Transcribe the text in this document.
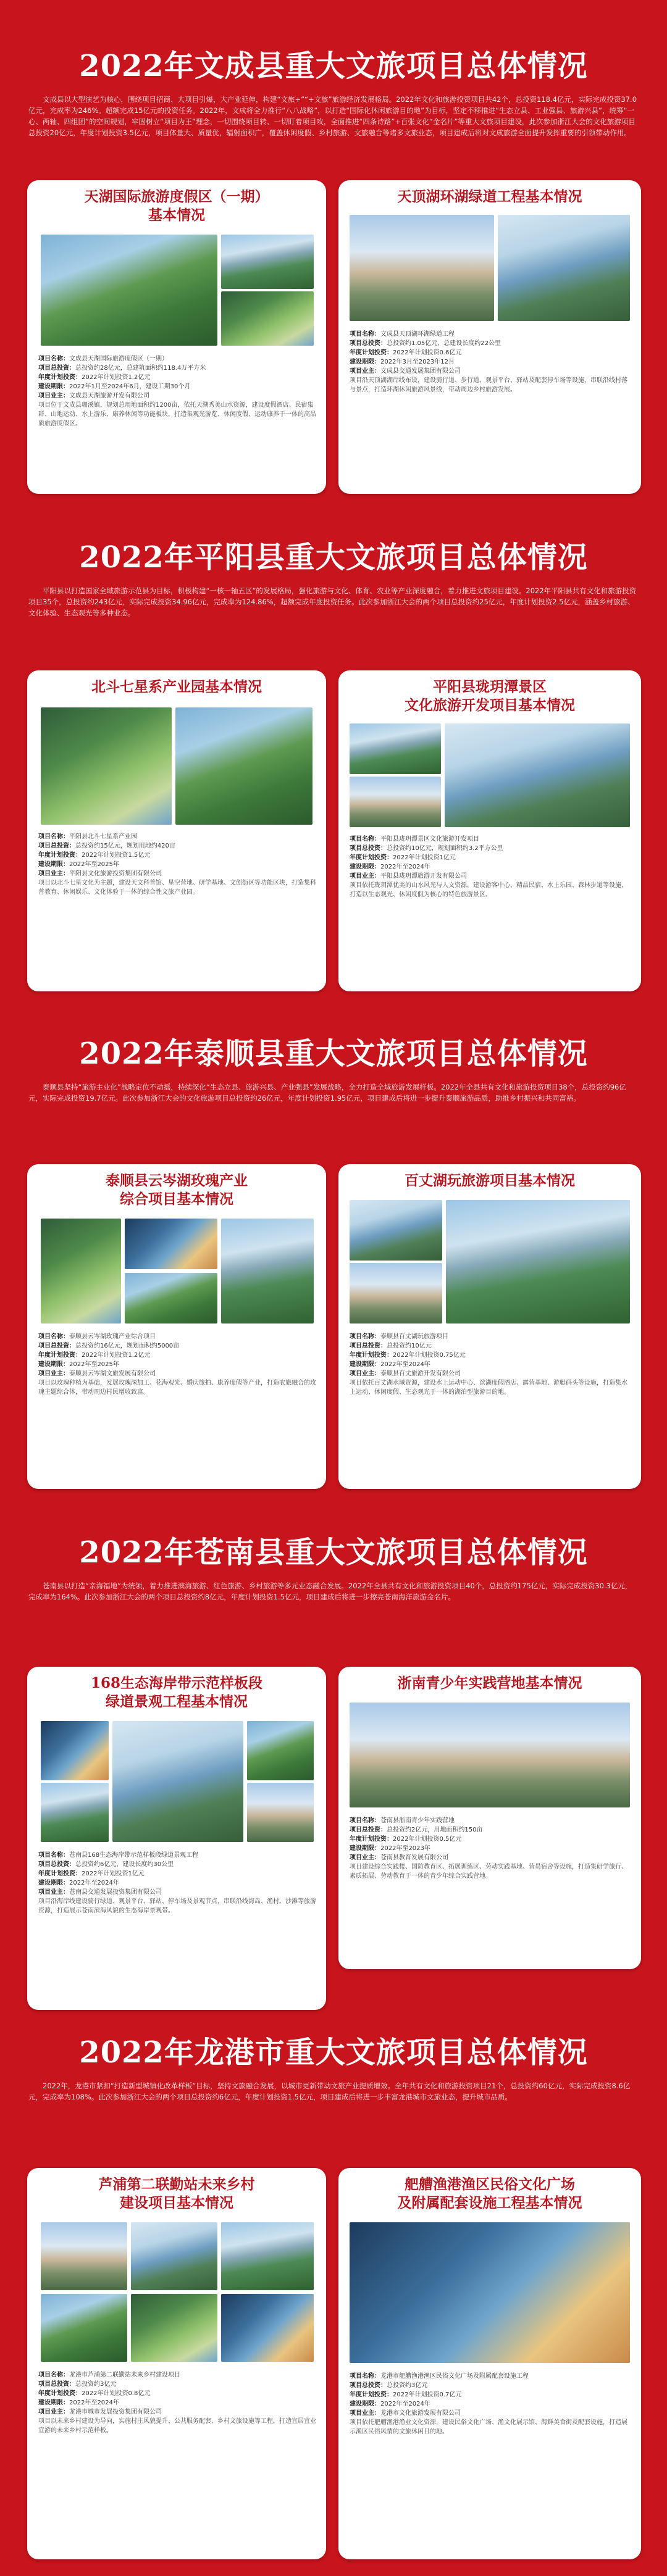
2022年文成县重大文旅项目总体情况
文成县以大型演艺为核心，围绕项目招商、大项目引爆，大产业延伸，构建“文旅+”“+文旅”旅游经济发展格局。2022年文化和旅游投资项目共42个，总投资118.4亿元，实际完成投资37.0亿元，完成率为246%。超额完成15亿元的投资任务。2022年，文成将全力推行“八八战略”，以打造“国际化休闲旅游目的地”为目标，坚定不移推进“生态立县、工业强县、旅游兴县”，统筹“一心、两轴、四组团”的空间规划，牢固树立“项目为王”理念，一切围绕项目转、一切盯着项目攻，全面推进“四条诗路”+百张文化“金名片”等重大文旅项目建设，此次参加浙江大会的文化旅游项目总投资20亿元，年度计划投资3.5亿元，项目体量大、质量优，辐射面积广，覆盖休闲度假、乡村旅游、文旅融合等诸多文旅业态，项目建成后将对文成旅游全面提升发挥重要的引领带动作用。
天湖国际旅游度假区（一期）
基本情况
项目名称：文成县天湖国际旅游度假区（一期）
项目总投资：总投资约28亿元，总建筑面积约118.4万平方米
年度计划投资：2022年计划投资1.2亿元
建设期限：2022年1月至2024年6月，建设工期30个月
项目业主：文成县天湖旅游开发有限公司
项目位于文成县珊溪镇，规划总用地面积约1200亩，依托天湖秀美山水资源，建设度假酒店、民宿集群、山地运动、水上游乐、康养休闲等功能板块，打造集观光游览、休闲度假、运动康养于一体的高品质旅游度假区。
天顶湖环湖绿道工程基本情况
项目名称：文成县天顶湖环湖绿道工程
项目总投资：总投资约1.05亿元，总建设长度约22公里
年度计划投资：2022年计划投资0.6亿元
建设期限：2022年3月至2023年12月
项目业主：文成县交通发展集团有限公司
项目沿天顶湖湖岸线布设，建设骑行道、步行道、观景平台、驿站及配套停车场等设施，串联沿线村落与景点，打造环湖休闲旅游风景线，带动周边乡村旅游发展。
2022年平阳县重大文旅项目总体情况
平阳县以打造国家全域旅游示范县为目标，积极构建“一核一轴五区”的发展格局，强化旅游与文化、体育、农业等产业深度融合，着力推进文旅项目建设。2022年平阳县共有文化和旅游投资项目35个，总投资约243亿元，实际完成投资34.96亿元，完成率为124.86%，超额完成年度投资任务。此次参加浙江大会的两个项目总投资约25亿元，年度计划投资2.5亿元，涵盖乡村旅游、文化体验、生态观光等多种业态。
北斗七星系产业园基本情况
项目名称：平阳县北斗七星系产业园
项目总投资：总投资约15亿元，规划用地约420亩
年度计划投资：2022年计划投资1.5亿元
建设期限：2022年至2025年
项目业主：平阳县文化旅游投资集团有限公司
项目以北斗七星文化为主题，建设天文科普馆、星空营地、研学基地、文创街区等功能区块，打造集科普教育、休闲娱乐、文化体验于一体的综合性文旅产业园。
平阳县珑玥潭景区
文化旅游开发项目基本情况
项目名称：平阳县珑玥潭景区文化旅游开发项目
项目总投资：总投资约10亿元，规划面积约3.2平方公里
年度计划投资：2022年计划投资1亿元
建设期限：2022年至2024年
项目业主：平阳县珑玥潭旅游开发有限公司
项目依托珑玥潭优美的山水风光与人文资源，建设游客中心、精品民宿、水上乐园、森林步道等设施，打造以生态观光、休闲度假为核心的特色旅游景区。
2022年泰顺县重大文旅项目总体情况
泰顺县坚持“旅游主业化”战略定位不动摇，持续深化“生态立县、旅游兴县、产业强县”发展战略，全力打造全域旅游发展样板。2022年全县共有文化和旅游投资项目38个，总投资约96亿元，实际完成投资19.7亿元。此次参加浙江大会的文化旅游项目总投资约26亿元，年度计划投资1.95亿元，项目建成后将进一步提升泰顺旅游品质，助推乡村振兴和共同富裕。
泰顺县云岑湖玫瑰产业
综合项目基本情况
项目名称：泰顺县云岑湖玫瑰产业综合项目
项目总投资：总投资约16亿元，规划面积约5000亩
年度计划投资：2022年计划投资1.2亿元
建设期限：2022年至2025年
项目业主：泰顺县云岑湖文旅发展有限公司
项目以玫瑰种植为基础，发展玫瑰深加工、花海观光、婚庆旅拍、康养度假等产业，打造农旅融合的玫瑰主题综合体，带动周边村民增收致富。
百丈湖玩旅游项目基本情况
项目名称：泰顺县百丈湖玩旅游项目
项目总投资：总投资约10亿元
年度计划投资：2022年计划投资0.75亿元
建设期限：2022年至2024年
项目业主：泰顺县百丈旅游开发有限公司
项目依托百丈湖水域资源，建设水上运动中心、滨湖度假酒店、露营基地、游艇码头等设施，打造集水上运动、休闲度假、生态观光于一体的湖泊型旅游目的地。
2022年苍南县重大文旅项目总体情况
苍南县以打造“亲海福地”为统领，着力推进滨海旅游、红色旅游、乡村旅游等多元业态融合发展。2022年全县共有文化和旅游投资项目40个，总投资约175亿元，实际完成投资30.3亿元，完成率为164%。此次参加浙江大会的两个项目总投资约8亿元，年度计划投资1.5亿元，项目建成后将进一步擦亮苍南海洋旅游金名片。
168生态海岸带示范样板段
绿道景观工程基本情况
项目名称：苍南县168生态海岸带示范样板段绿道景观工程
项目总投资：总投资约6亿元，建设长度约30公里
年度计划投资：2022年计划投资1亿元
建设期限：2022年至2024年
项目业主：苍南县交通发展投资集团有限公司
项目沿海岸线建设骑行绿道、观景平台、驿站、停车场及景观节点，串联沿线海岛、渔村、沙滩等旅游资源，打造展示苍南滨海风貌的生态海岸景观带。
浙南青少年实践营地基本情况
项目名称：苍南县浙南青少年实践营地
项目总投资：总投资约2亿元，用地面积约150亩
年度计划投资：2022年计划投资0.5亿元
建设期限：2022年至2023年
项目业主：苍南县教育发展有限公司
项目建设综合实践楼、国防教育区、拓展训练区、劳动实践基地、营员宿舍等设施，打造集研学旅行、素质拓展、劳动教育于一体的青少年综合实践营地。
2022年龙港市重大文旅项目总体情况
2022年，龙港市紧扣“打造新型城镇化改革样板”目标，坚持文旅融合发展，以城市更新带动文旅产业提质增效。全年共有文化和旅游投资项目21个，总投资约60亿元，实际完成投资8.6亿元，完成率为108%。此次参加浙江大会的两个项目总投资约6亿元，年度计划投资1.5亿元，项目建成后将进一步丰富龙港城市文旅业态，提升城市品质。
芦浦第二联勤站未来乡村
建设项目基本情况
项目名称：龙港市芦浦第二联勤站未来乡村建设项目
项目总投资：总投资约3亿元
年度计划投资：2022年计划投资0.8亿元
建设期限：2022年至2024年
项目业主：龙港市城市发展投资集团有限公司
项目以未来乡村建设为导向，实施村庄风貌提升、公共服务配套、乡村文旅设施等工程，打造宜居宜业宜游的未来乡村示范样板。
舥艚渔港渔区民俗文化广场
及附属配套设施工程基本情况
项目名称：龙港市舥艚渔港渔区民俗文化广场及附属配套设施工程
项目总投资：总投资约3亿元
年度计划投资：2022年计划投资0.7亿元
建设期限：2022年至2024年
项目业主：龙港市文化旅游发展有限公司
项目依托舥艚渔港渔业文化资源，建设民俗文化广场、渔文化展示馆、海鲜美食街及配套设施，打造展示渔区民俗风情的文旅休闲目的地。
